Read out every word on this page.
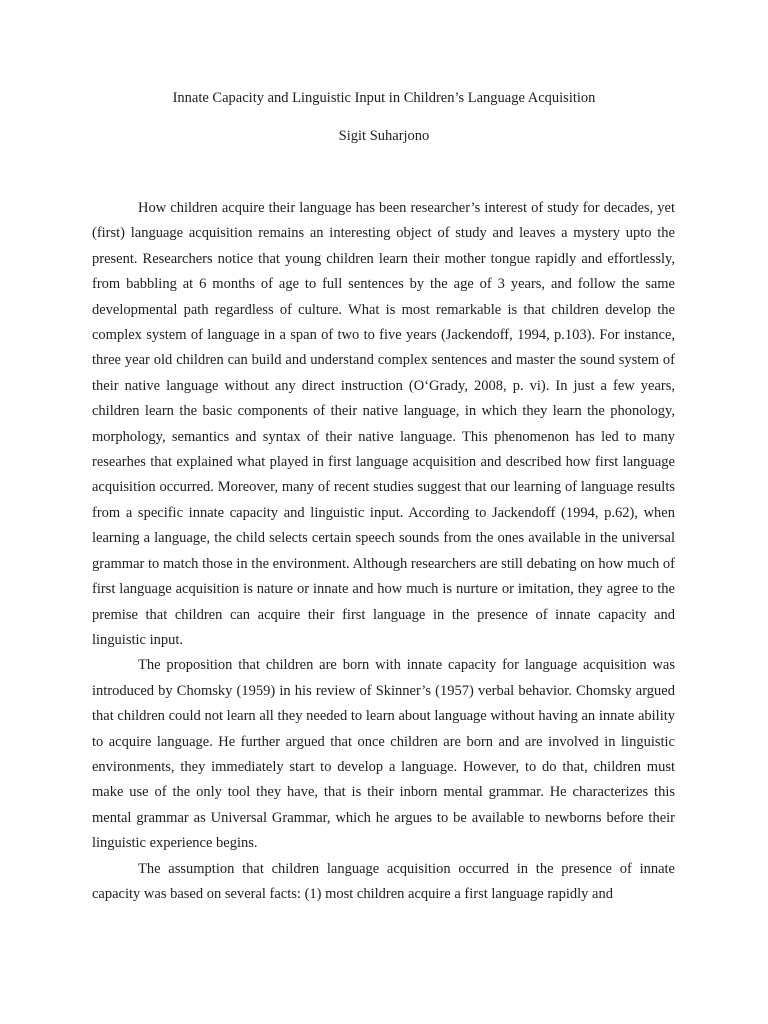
Innate Capacity and Linguistic Input in Children’s Language Acquisition

Sigit Suharjono

How children acquire their language has been researcher’s interest of study for decades, yet (first) language acquisition remains an interesting object of study and leaves a mystery upto the present. Researchers notice that young children learn their mother tongue rapidly and effortlessly, from babbling at 6 months of age to full sentences by the age of 3 years, and follow the same developmental path regardless of culture. What is most remarkable is that children develop the complex system of language in a span of two to five years (Jackendoff, 1994, p.103). For instance, three year old children can build and understand complex sentences and master the sound system of their native language without any direct instruction (O‘Grady, 2008, p. vi). In just a few years, children learn the basic components of their native language, in which they learn the phonology, morphology, semantics and syntax of their native language. This phenomenon has led to many researhes that explained what played in first language acquisition and described how first language acquisition occurred. Moreover, many of recent studies suggest that our learning of language results from a specific innate capacity and linguistic input. According to Jackendoff (1994, p.62), when learning a language, the child selects certain speech sounds from the ones available in the universal grammar to match those in the environment. Although researchers are still debating on how much of first language acquisition is nature or innate and how much is nurture or imitation, they agree to the premise that children can acquire their first language in the presence of innate capacity and linguistic input.

The proposition that children are born with innate capacity for language acquisition was introduced by Chomsky (1959) in his review of Skinner’s (1957) verbal behavior. Chomsky argued that children could not learn all they needed to learn about language without having an innate ability to acquire language. He further argued that once children are born and are involved in linguistic environments, they immediately start to develop a language. However, to do that, children must make use of the only tool they have, that is their inborn mental grammar. He characterizes this mental grammar as Universal Grammar, which he argues to be available to newborns before their linguistic experience begins.

The assumption that children language acquisition occurred in the presence of innate capacity was based on several facts: (1) most children acquire a first language rapidly and
